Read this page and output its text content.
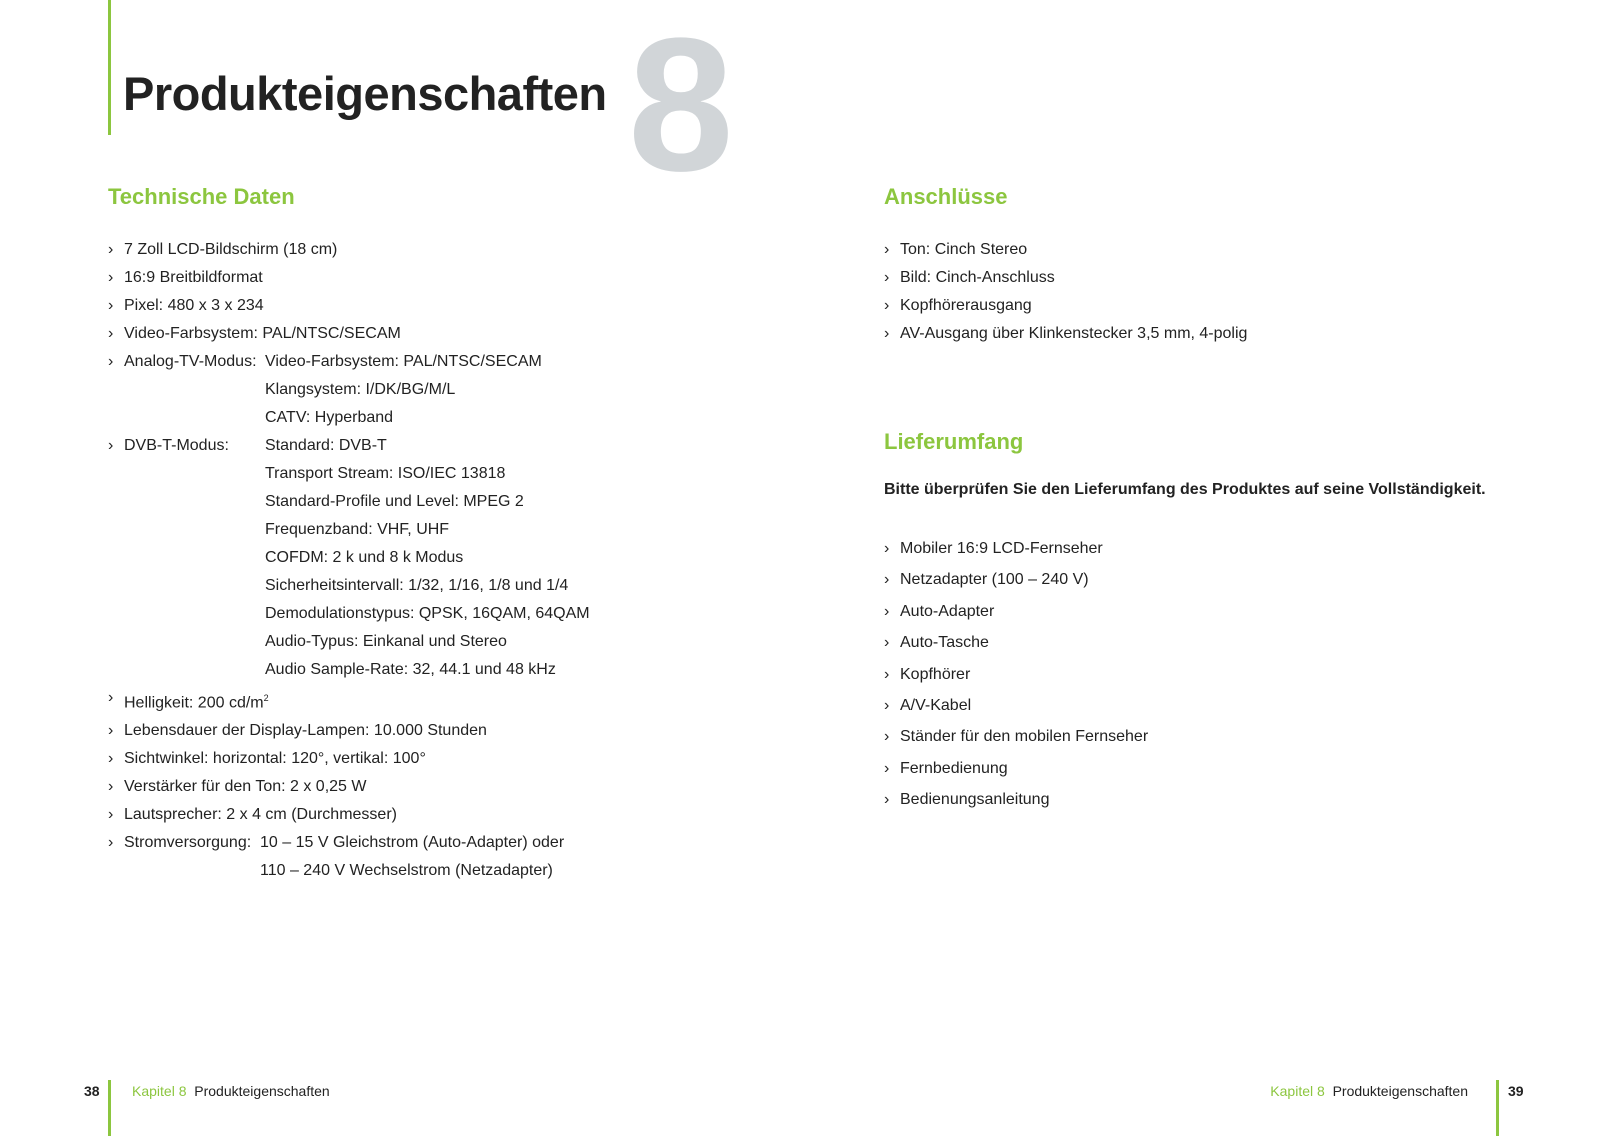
Produkteigenschaften 8
Technische Daten
› 7 Zoll LCD-Bildschirm (18 cm)
› 16:9 Breitbildformat
› Pixel: 480 x 3 x 234
› Video-Farbsystem: PAL/NTSC/SECAM
› Analog-TV-Modus: Video-Farbsystem: PAL/NTSC/SECAM
Klangsystem: I/DK/BG/M/L
CATV: Hyperband
› DVB-T-Modus:	Standard: DVB-T
Transport Stream: ISO/IEC 13818
Standard-Profile und Level: MPEG 2
Frequenzband: VHF, UHF
COFDM: 2 k und 8 k Modus
Sicherheitsintervall: 1/32, 1/16, 1/8 und 1/4
Demodulationstypus: QPSK, 16QAM, 64QAM
Audio-Typus: Einkanal und Stereo
Audio Sample-Rate: 32, 44.1 und 48 kHz
› Helligkeit: 200 $cd/m^2$
› Lebensdauer der Display-Lampen: 10.000 Stunden
› Sichtwinkel: horizontal: 120°, vertikal: 100°
› Verstärker für den Ton: 2 x 0,25 W
› Lautsprecher: 2 x 4 cm (Durchmesser)
› Stromversorgung: 10 – 15 V Gleichstrom (Auto-Adapter) oder
110 – 240 V Wechselstrom (Netzadapter)
Anschlüsse
› Ton: Cinch Stereo
› Bild: Cinch-Anschluss
› Kopfhörerausgang
› AV-Ausgang über Klinkenstecker 3,5 mm, 4-polig
Lieferumfang

Bitte überprüfen Sie den Lieferumfang des Produktes auf seine Vollständigkeit.

› Mobiler 16:9 LCD-Fernseher
› Netzadapter (100 – 240 V)
› Auto-Adapter
› Auto-Tasche
› Kopfhörer
› A/V-Kabel
› Ständer für den mobilen Fernseher
› Fernbedienung
› Bedienungsanleitung
38 Kapitel 8 Produkteigenschaften	Kapitel 8 Produkteigenschaften	39
